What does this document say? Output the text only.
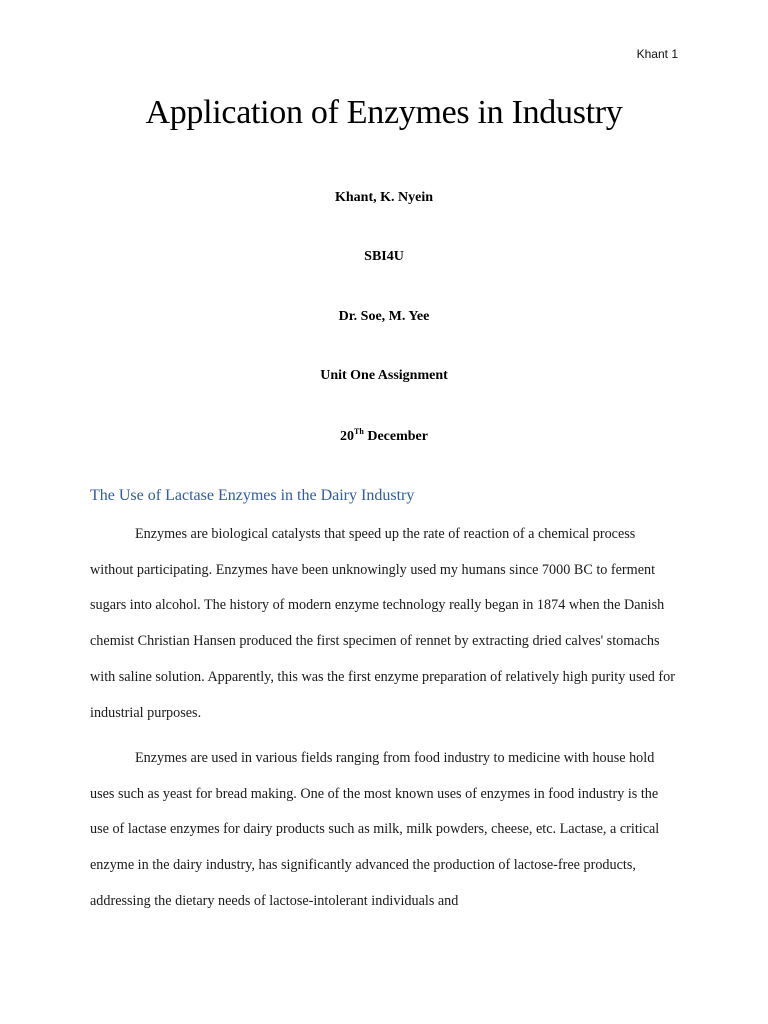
Khant 1
Application of Enzymes in Industry
Khant, K. Nyein
SBI4U
Dr. Soe, M. Yee
Unit One Assignment
20Th December
The Use of Lactase Enzymes in the Dairy Industry
Enzymes are biological catalysts that speed up the rate of reaction of a chemical process without participating. Enzymes have been unknowingly used my humans since 7000 BC to ferment sugars into alcohol. The history of modern enzyme technology really began in 1874 when the Danish chemist Christian Hansen produced the first specimen of rennet by extracting dried calves' stomachs with saline solution. Apparently, this was the first enzyme preparation of relatively high purity used for industrial purposes.
Enzymes are used in various fields ranging from food industry to medicine with house hold uses such as yeast for bread making. One of the most known uses of enzymes in food industry is the use of lactase enzymes for dairy products such as milk, milk powders, cheese, etc. Lactase, a critical enzyme in the dairy industry, has significantly advanced the production of lactose-free products, addressing the dietary needs of lactose-intolerant individuals and
